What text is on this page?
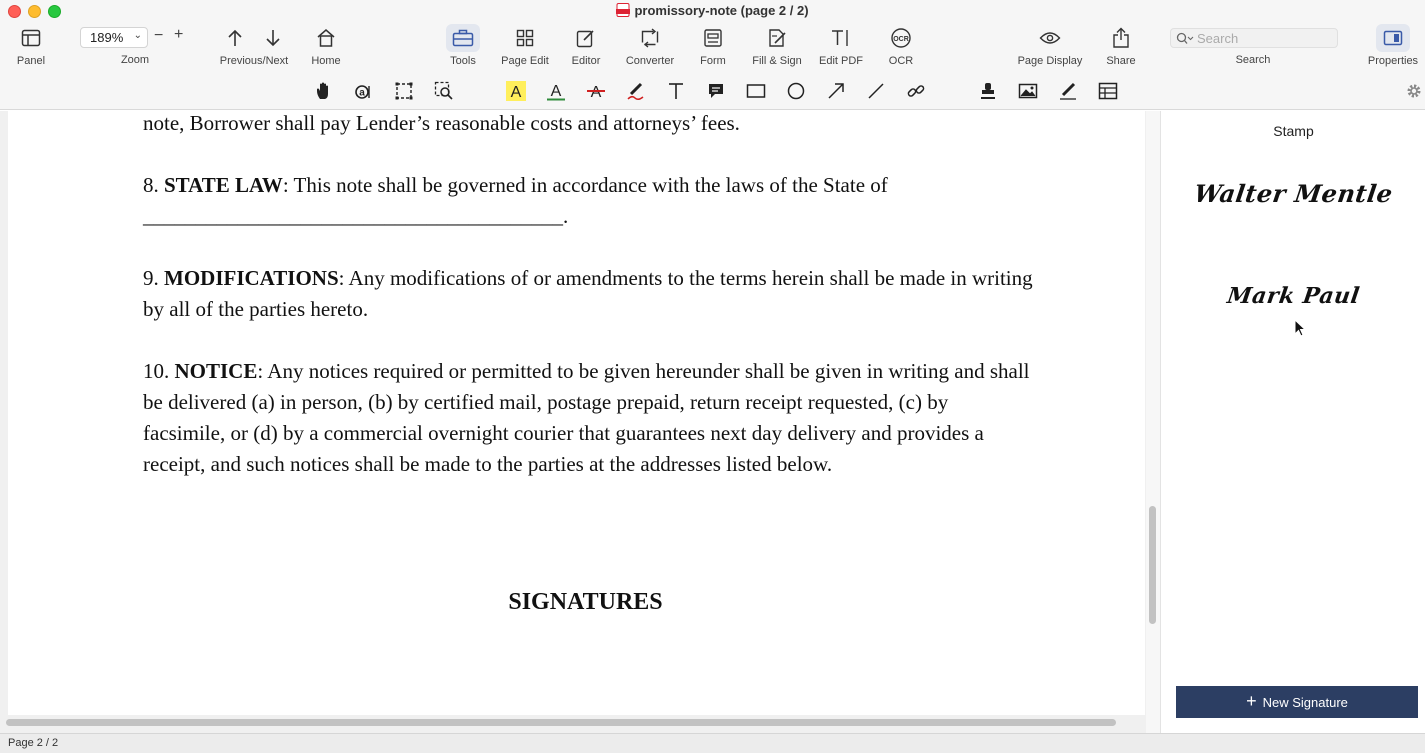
promissory-note (page 2 / 2)
Panel
189% ⌄ − +
Zoom	Previous/Next Home	Tools Page Edit Editor Converter Form Fill & Sign Edit PDF
OCR
OCR	Page Display Share
Search
Search	Properties
a	A A A
note, Borrower shall pay Lender’s reasonable costs and attorneys’ fees.
8. STATE LAW: This note shall be governed in accordance with the laws of the State of
________________________________________.
9. MODIFICATIONS: Any modifications of or amendments to the terms herein shall be made in writing by all of the parties hereto.
10. NOTICE: Any notices required or permitted to be given hereunder shall be given in writing and shall be delivered (a) in person, (b) by certified mail, postage prepaid, return receipt requested, (c) by facsimile, or (d) by a commercial overnight courier that guarantees next day delivery and provides a receipt, and such notices shall be made to the parties at the addresses listed below.
SIGNATURES
Stamp
Walter Mentle
Mark Paul
+ New Signature
Page 2 / 2
